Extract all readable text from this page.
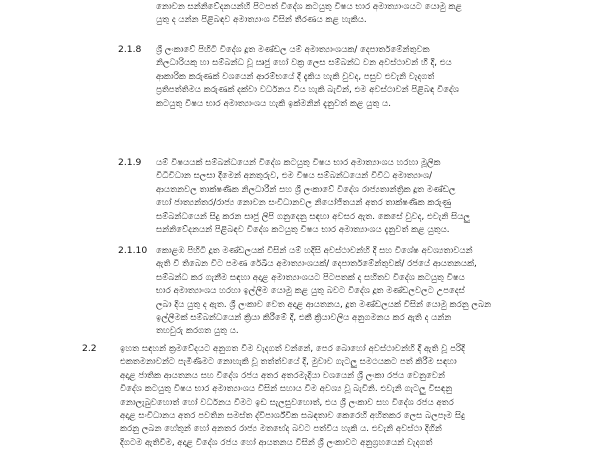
නොවන සන්නිවේදනයන්හි පිටපත් විදේශ කටයුතු විෂය භාර අමාත්‍යාංශයට යොමු කළ
යුතු ද යන්න පිළිබඳව අමාත්‍යාංශ විසින් තීරණය කළ හැකිය.
2.1.8 ශ්‍රී ලංකාවේ පිහිටි විදේශ දූත මණ්ඩල යම් අමාත්‍යාංශයක/ දෙපාර්තමේන්තුවක
නිලධාරියකු හා සම්බන්ධ වූ ඍජු හෝ වක්‍ර ලෙස සම්බන්ධ වන අවස්ථාවන් හී දී, එය
ආකාරික කරුණක් වශයෙන් ආරම්භයේ දී දැකිය හැකි වුවද, පසුව එවැනි වැදගත්
ප්‍රතිපත්තිමය කරුණක් දක්වා වර්ධනය විය හැකි බැවින්, එම අවස්ථාවන් පිළිබඳ විදේශ
කටයුතු විෂය භාර අමාත්‍යාංශය හැකි ඉක්මනින් දැනුවත් කළ යුතු ය.
2.1.9 යම් විෂයයක් සම්බන්ධයෙන් විදේශ කටයුතු විෂය භාර අමාත්‍යාංශය හරහා මූලික
විධිවිධාන සලසා දීමෙන් අනතුරුව, එම විෂය සම්බන්ධයෙන් විවිධ අමාත්‍යාංශ/
ආයතනවල තාක්ෂණික නිලධාරීන් සහ ශ්‍රී ලංකාවේ විදේශ රාජ්‍යතාන්ත්‍රික දූත මණ්ඩල
හෝ ජාත්‍යන්තර/රාජ්‍ය නොවන සංවිධානවල නියෝජිතයන් අතර තාක්ෂණික කරුණු
සම්බන්ධයෙන් සිදු කරන සෘජු ලිපි ගනුදෙනු සඳහා අවසර ඇත. කෙසේ වුවද, එවැනි සියලු
සන්නිවේදනයන් පිළිබඳව විදේශ කටයුතු විෂය භාර අමාත්‍යාංශය දැනුවත් කළ යුතුය.
2.1.10 කොළඹ පිහිටි දූත මණ්ඩලයක් විසින් යම් හදිසි අවස්ථාවන්හි දී සහ විශේෂ අවශ්‍යතාවයන්
ඇති වි තිබෙන විට පමණ රේඛීය අමාත්‍යාංශයක්/ දෙපාර්තමේන්තුවක්/ රජයේ ආයතනයක්,
සම්බන්ධ කර ගැනීම සඳහා අදාළ අමාත්‍යාංශයට පිටපතක් ද සහිතව විදේශ කටයුතු විෂය
භාර අමාත්‍යාංශය හරහා ඉල්ලීම යොමු කළ යුතු බවට විදේශ දූත මණ්ඩලවලට උපදෙස්
ලබා දිය යුතු ද ඇත. ශ්‍රී ලංකාව වෙත අදාළ ආයතනය, දූත මණ්ඩලයක් විසින් යොමු කරනු ලබන
ඉල්ලීමක් සම්බන්ධයෙන් ක්‍රියා කිරීමේ දී, එකී ක්‍රියාවලිය අනුගමනය කර ඇති ද යන්න
තහවුරු කරගත යුතු ය.
2.2	ඉහත සඳහන් ක්‍රමවේදයට අනුගත වීම වැදගත් වන්නේ, පෙර බොහෝ අවස්ථාවන්හි දී ඇති වූ පරිදි
එකතමනාවන්ට පැමිණීමට නොහැකි වූ තත්ත්වයේ දී, මුවාව ගැටලු සමථයකට පත් කිරීම සඳහා
අදාළ ජාතික ආයතනය සහ විදේශ රජය අතර අතරමැදියා වශයෙන් ශ්‍රී ලංකා රජය වෙනුවෙන්
විදේශ කටයුතු විෂය භාර අමාත්‍යාංශය විසින් සහාය වීම අවශ්‍ය වූ බැවිනි. එවැනි ගැටලු විසඳනු
නොලැබුවහොත් හෝ වර්ධනය වීමට ඉඩ සැලසුවහොත්, එය ශ්‍රී ලංකාව සහ විදේශ රජය අතර
අදාළ සංවිධානය අතර පවතින සමස්ත ද්විපාර්ශ්වික සබඳතාව කෙරෙහි අහිතකර ලෙස බලපෑම සිදු
කරනු ලබන හේතුන් හෝ අනතර රාජ්‍ය මතභේද බවට පත්විය හැකි ය. එවැනි අවස්ථා දිගින්
දිගටම ඇතිවීම, අදාළ විදේශ රජය හෝ ආයතනය විසින් ශ්‍රී ලංකාවට අනුග්‍රහයෙන් වැදගත්
